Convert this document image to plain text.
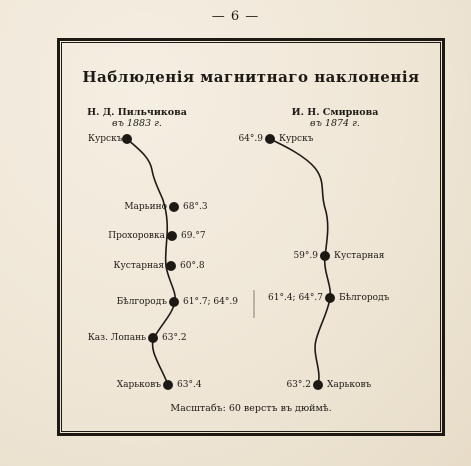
— 6 —
Наблюденія магнитнаго наклоненія
Н. Д. Пильчикова
въ 1883 г.
И. Н. Смирнова
въ 1874 г.
Курскъ
Марьино 68°.3
Прохоровка 69.°7
Кустарная 60°.8
Бѣлгородъ 61°.7; 64°.9
Каз. Лопань 63°.2
Харьковъ 63°.4
64°.9 Курскъ
59°.9 Кустарная
61°.4; 64°.7 Бѣлгородъ
63°.2 Харьковъ
Масштабъ: 60 верстъ въ дюймѣ.
